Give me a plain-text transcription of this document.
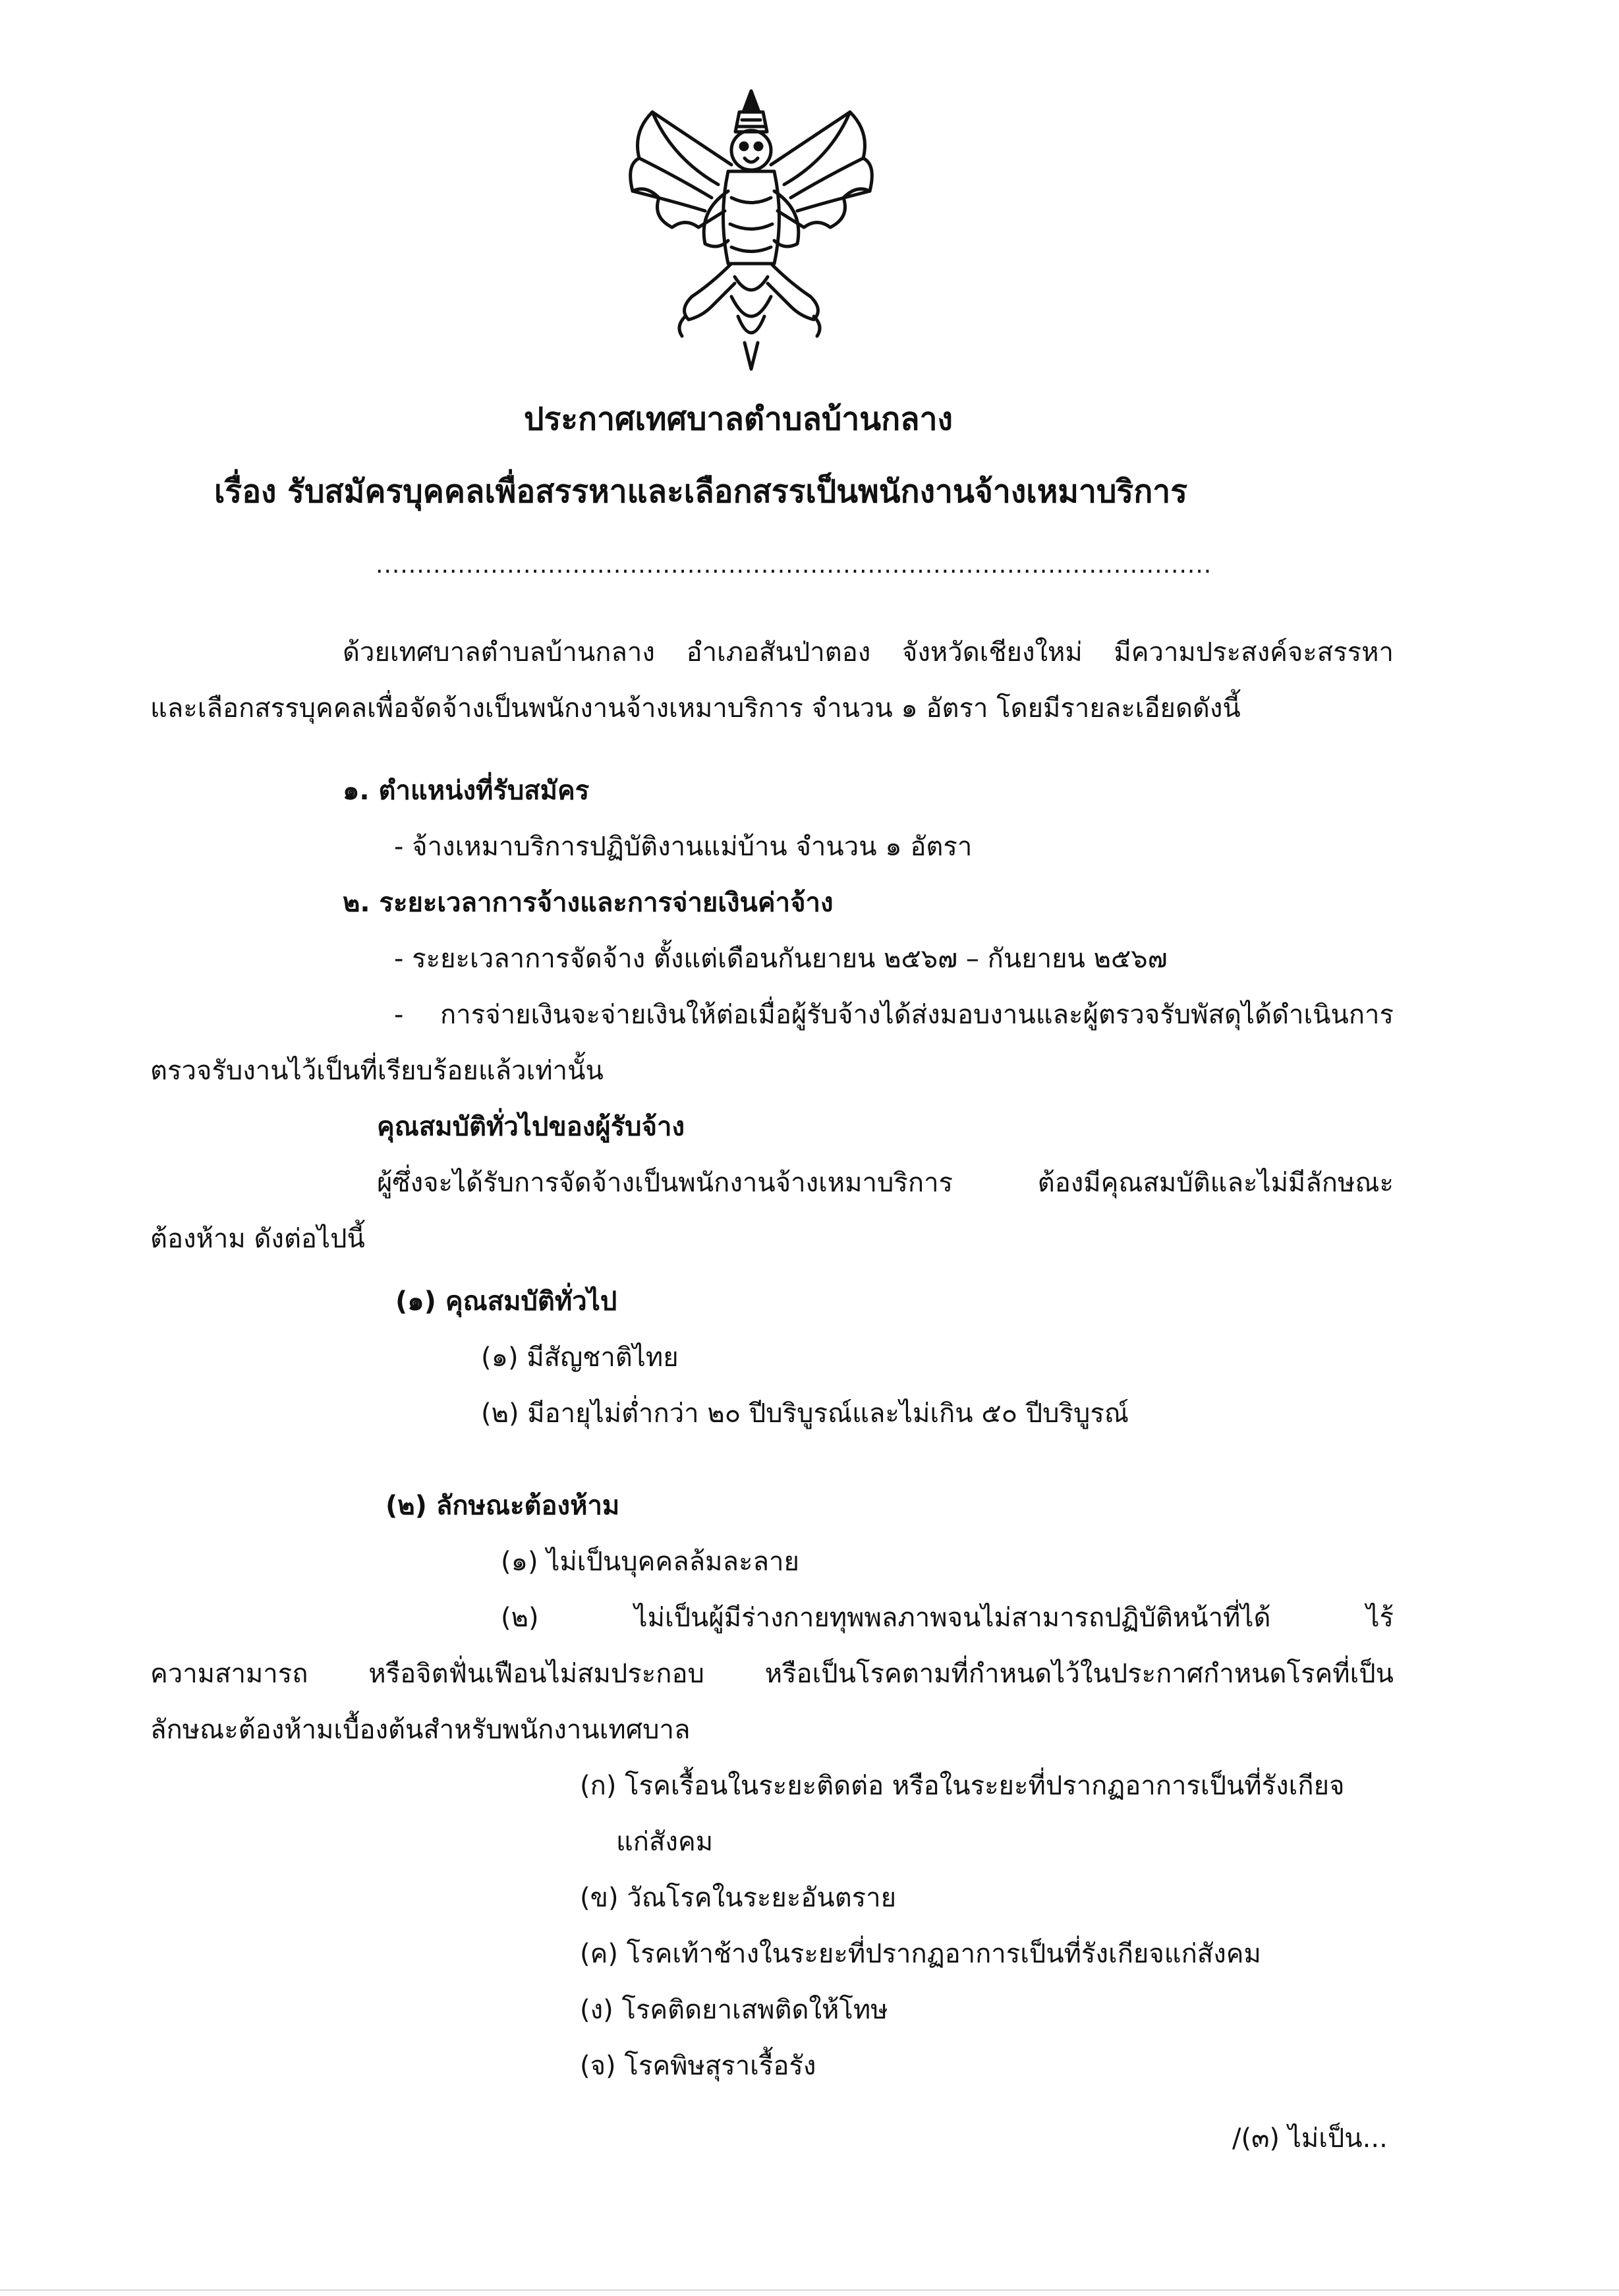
ประกาศเทศบาลตำบลบ้านกลาง
เรื่อง รับสมัครบุคคลเพื่อสรรหาและเลือกสรรเป็นพนักงานจ้างเหมาบริการ
......................................................................................................
ด้วยเทศบาลตำบลบ้านกลาง อำเภอสันป่าตอง จังหวัดเชียงใหม่ มีความประสงค์จะสรรหา
และเลือกสรรบุคคลเพื่อจัดจ้างเป็นพนักงานจ้างเหมาบริการ จำนวน ๑ อัตรา โดยมีรายละเอียดดังนี้
๑. ตำแหน่งที่รับสมัคร
- จ้างเหมาบริการปฏิบัติงานแม่บ้าน จำนวน ๑ อัตรา
๒. ระยะเวลาการจ้างและการจ่ายเงินค่าจ้าง
- ระยะเวลาการจัดจ้าง ตั้งแต่เดือนกันยายน ๒๕๖๗ – กันยายน ๒๕๖๗
- การจ่ายเงินจะจ่ายเงินให้ต่อเมื่อผู้รับจ้างได้ส่งมอบงานและผู้ตรวจรับพัสดุได้ดำเนินการ
ตรวจรับงานไว้เป็นที่เรียบร้อยแล้วเท่านั้น
คุณสมบัติทั่วไปของผู้รับจ้าง
ผู้ซึ่งจะได้รับการจัดจ้างเป็นพนักงานจ้างเหมาบริการ ต้องมีคุณสมบัติและไม่มีลักษณะ
ต้องห้าม ดังต่อไปนี้
(๑) คุณสมบัติทั่วไป
(๑) มีสัญชาติไทย
(๒) มีอายุไม่ต่ำกว่า ๒๐ ปีบริบูรณ์และไม่เกิน ๕๐ ปีบริบูรณ์
(๒) ลักษณะต้องห้าม
(๑) ไม่เป็นบุคคลล้มละลาย
(๒) ไม่เป็นผู้มีร่างกายทุพพลภาพจนไม่สามารถปฏิบัติหน้าที่ได้ ไร้
ความสามารถ หรือจิตฟั่นเฟือนไม่สมประกอบ หรือเป็นโรคตามที่กำหนดไว้ในประกาศกำหนดโรคที่เป็น
ลักษณะต้องห้ามเบื้องต้นสำหรับพนักงานเทศบาล
(ก) โรคเรื้อนในระยะติดต่อ หรือในระยะที่ปรากฏอาการเป็นที่รังเกียจ
แก่สังคม
(ข) วัณโรคในระยะอันตราย
(ค) โรคเท้าช้างในระยะที่ปรากฏอาการเป็นที่รังเกียจแก่สังคม
(ง) โรคติดยาเสพติดให้โทษ
(จ) โรคพิษสุราเรื้อรัง
/(๓) ไม่เป็น...
